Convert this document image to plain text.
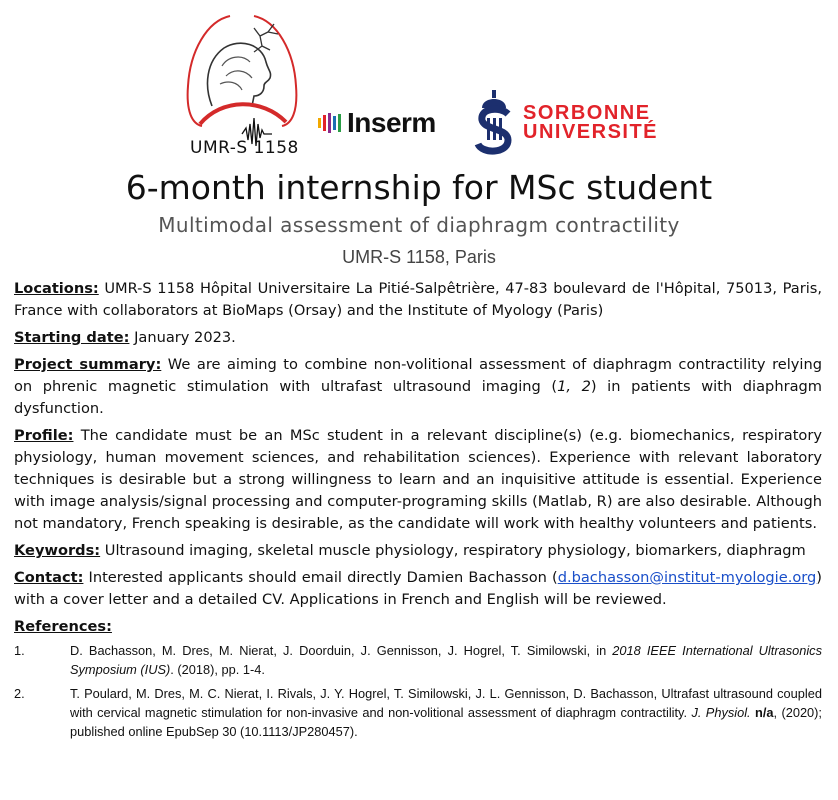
UMR-S 1158
Inserm	SORBONNE
UNIVERSITÉ
6-month internship for MSc student
Multimodal assessment of diaphragm contractility
UMR-S 1158, Paris

Locations: UMR-S 1158 Hôpital Universitaire La Pitié-Salpêtrière, 47-83 boulevard de l'Hôpital, 75013, Paris, France with collaborators at BioMaps (Orsay) and the Institute of Myology (Paris)

Starting date: January 2023.

Project summary: We are aiming to combine non-volitional assessment of diaphragm contractility relying on phrenic magnetic stimulation with ultrafast ultrasound imaging (1, 2) in patients with diaphragm dysfunction.

Profile: The candidate must be an MSc student in a relevant discipline(s) (e.g. biomechanics, respiratory physiology, human movement sciences, and rehabilitation sciences). Experience with relevant laboratory techniques is desirable but a strong willingness to learn and an inquisitive attitude is essential. Experience with image analysis/signal processing and computer-programing skills (Matlab, R) are also desirable. Although not mandatory, French speaking is desirable, as the candidate will work with healthy volunteers and patients.

Keywords: Ultrasound imaging, skeletal muscle physiology, respiratory physiology, biomarkers, diaphragm

Contact: Interested applicants should email directly Damien Bachasson (d.bachasson@institut-myologie.org) with a cover letter and a detailed CV. Applications in French and English will be reviewed.

References:

1.	D. Bachasson, M. Dres, M. Nierat, J. Doorduin, J. Gennisson, J. Hogrel, T. Similowski, in 2018 IEEE International Ultrasonics Symposium (IUS). (2018), pp. 1-4.
2.	T. Poulard, M. Dres, M. C. Nierat, I. Rivals, J. Y. Hogrel, T. Similowski, J. L. Gennisson, D. Bachasson, Ultrafast ultrasound coupled with cervical magnetic stimulation for non-invasive and non-volitional assessment of diaphragm contractility. J. Physiol. n/a, (2020); published online EpubSep 30 (10.1113/JP280457).
